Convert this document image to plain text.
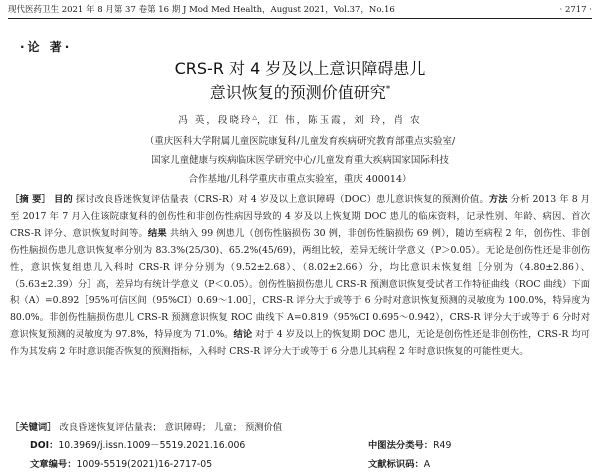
现代医药卫生 2021 年 8 月第 37 卷第 16 期 J Mod Med Health，August 2021，Vol.37，No.16	· 2717 ·
·论 著·
CRS-R 对 4 岁及以上意识障碍患儿
意识恢复的预测价值研究*
冯 英，段晓玲△，江 伟，陈玉霞，刘 玲，肖 农
（重庆医科大学附属儿童医院康复科/儿童发育疾病研究教育部重点实验室/
国家儿童健康与疾病临床医学研究中心/儿童发育重大疾病国家国际科技
合作基地/儿科学重庆市重点实验室，重庆 400014）
［摘 要］ 目的 探讨改良昏迷恢复评估量表（CRS-R）对 4 岁及以上意识障碍（DOC）患儿意识恢复的预测价值。方法 分析 2013 年 8 月至 2017 年 7 月入住该院康复科的创伤性和非创伤性病因导致的 4 岁及以上恢复期 DOC 患儿的临床资料，记录性别、年龄、病因、首次 CRS-R 评分、意识恢复时间等。结果 共纳入 99 例患儿（创伤性脑损伤 30 例，非创伤性脑损伤 69 例），随访至病程 2 年，创伤性、非创伤性脑损伤患儿意识恢复率分别为 83.3%(25/30)、65.2%(45/69)，两组比较，差异无统计学意义（P＞0.05）。无论是创伤性还是非创伤性，意识恢复组患儿入科时 CRS-R 评分分别为（9.52±2.68）、（8.02±2.66）分，均比意识未恢复组［分别为（4.80±2.86）、（5.63±2.39）分］高，差异均有统计学意义（P＜0.05）。创伤性脑损伤患儿 CRS-R 预测意识恢复受试者工作特征曲线（ROC 曲线）下面积（A）=0.892［95%可信区间（95%CI）0.69～1.00］，CRS-R 评分大于或等于 6 分时对意识恢复预测的灵敏度为 100.0%，特异度为 80.0%。非创伤性脑损伤患儿 CRS-R 预测意识恢复 ROC 曲线下 A=0.819（95%CI 0.695～0.942），CRS-R 评分大于或等于 6 分时对意识恢复预测的灵敏度为 97.8%，特异度为 71.0%。结论 对于 4 岁及以上的恢复期 DOC 患儿，无论是创伤性还是非创伤性，CRS-R 均可作为其发病 2 年时意识能否恢复的预测指标，入科时 CRS-R 评分大于或等于 6 分患儿其病程 2 年时意识恢复的可能性更大。
［关键词］ 改良昏迷恢复评估量表； 意识障碍； 儿童； 预测价值
DOI：10.3969/j.issn.1009－5519.2021.16.006	中图法分类号：R49
文章编号：1009-5519(2021)16-2717-05	文献标识码：A
